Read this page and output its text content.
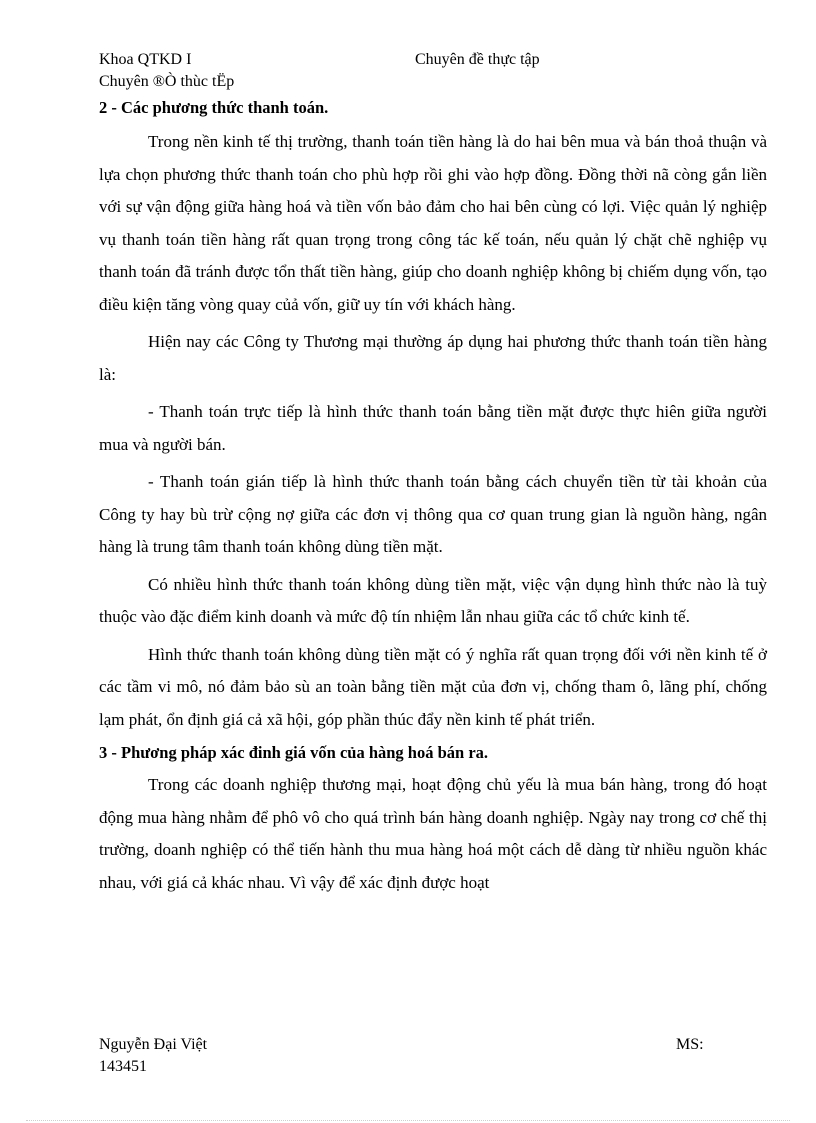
Khoa QTKD I	Chuyên đề thực tập
Chuyên ®Ò thùc tËp
2 - Các phương thức thanh toán.

Trong nền kinh tế thị trường, thanh toán tiền hàng là do hai bên mua và bán thoả thuận và lựa chọn phương thức thanh toán cho phù hợp rồi ghi vào hợp đồng. Đồng thời nã còng gắn liền với sự vận động giữa hàng hoá và tiền vốn bảo đảm cho hai bên cùng có lợi. Việc quản lý nghiệp vụ thanh toán tiền hàng rất quan trọng trong công tác kế toán, nếu quản lý chặt chẽ nghiệp vụ thanh toán đã tránh được tổn thất tiền hàng, giúp cho doanh nghiệp không bị chiếm dụng vốn, tạo điều kiện tăng vòng quay củả vốn, giữ uy tín với khách hàng.

Hiện nay các Công ty Thương mại thường áp dụng hai phương thức thanh toán tiền hàng là:

- Thanh toán trực tiếp là hình thức thanh toán bằng tiền mặt được thực hiên giữa người mua và người bán.

- Thanh toán gián tiếp là hình thức thanh toán bằng cách chuyển tiền từ tài khoản của Công ty hay bù trừ cộng nợ giữa các đơn vị thông qua cơ quan trung gian là nguồn hàng, ngân hàng là trung tâm thanh toán không dùng tiền mặt.

Có nhiều hình thức thanh toán không dùng tiền mặt, việc vận dụng hình thức nào là tuỳ thuộc vào đặc điểm kinh doanh và mức độ tín nhiệm lẫn nhau giữa các tổ chức kinh tế.

Hình thức thanh toán không dùng tiền mặt có ý nghĩa rất quan trọng đối với nền kinh tế ở các tầm vi mô, nó đảm bảo sù an toàn bằng tiền mặt của đơn vị, chống tham ô, lãng phí, chống lạm phát, ổn định giá cả xã hội, góp phần thúc đẩy nền kinh tế phát triển.

3 - Phương pháp xác đinh giá vốn của hàng hoá bán ra.

Trong các doanh nghiệp thương mại, hoạt động chủ yếu là mua bán hàng, trong đó hoạt động mua hàng nhằm để phô vô cho quá trình bán hàng doanh nghiệp. Ngày nay trong cơ chế thị trường, doanh nghiệp có thể tiến hành thu mua hàng hoá một cách dễ dàng từ nhiều nguồn khác nhau, với giá cả khác nhau. Vì vậy để xác định được hoạt

Nguyễn Đại Việt	MS:
143451
